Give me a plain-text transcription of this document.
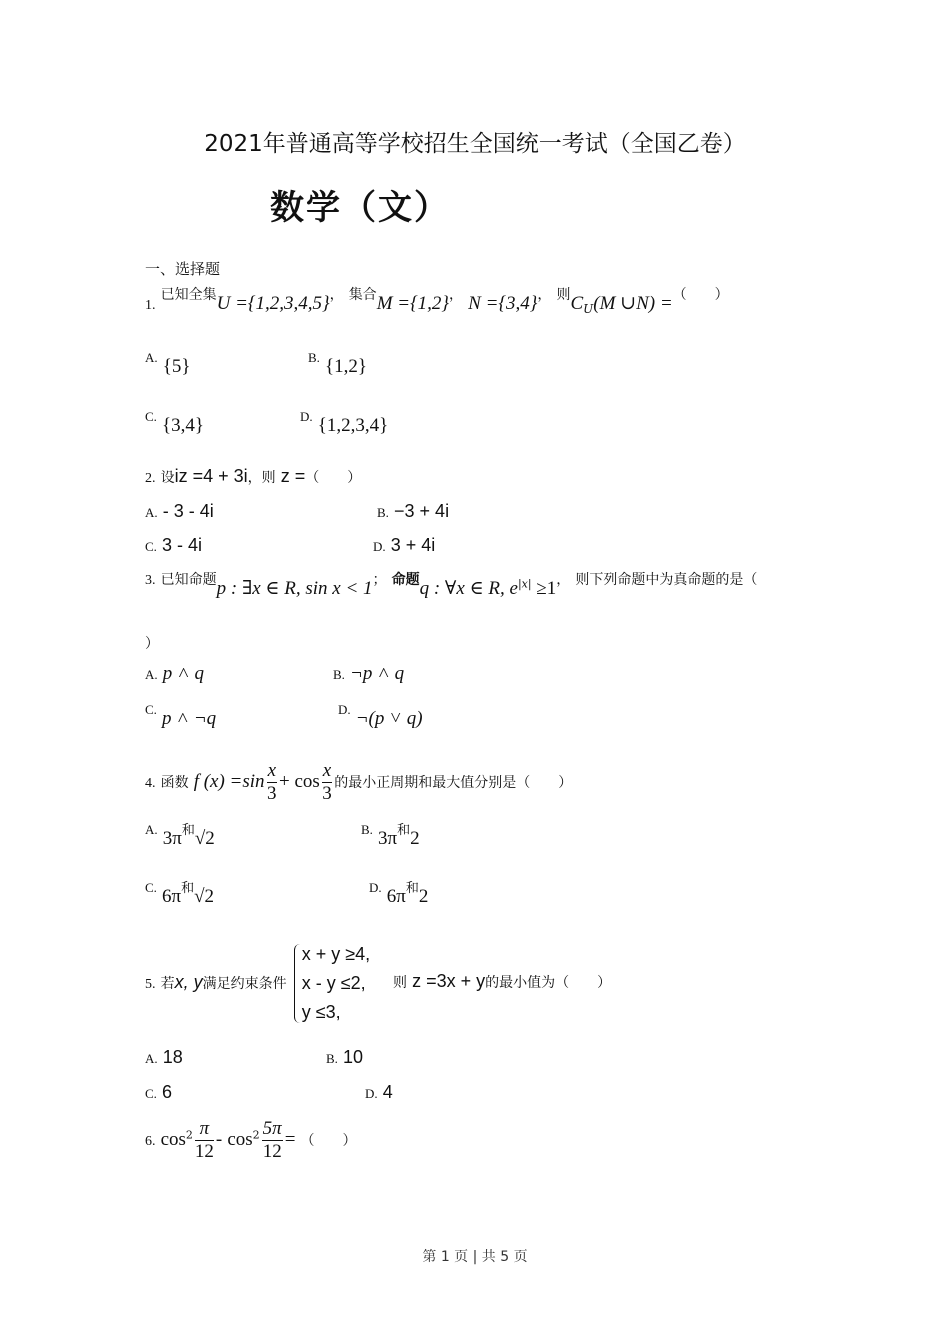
2021年普通高等学校招生全国统一考试（全国乙卷）
数学（文）
一、选择题
1. 已知全集U ={1,2,3,4,5}， 集合M ={1,2}， N ={3,4}， 则$C_U(M$ ∪N) =（　　）
$^{A.}$ {5}	$^{B.}$ {1,2}
$^{C.}$ {3,4}	$^{D.}$ {1,2,3,4}
2. 设iz =4 + 3i，则 z =（　　）
A. - 3 - 4i	B. −3 + 4i
C. 3 - 4i	D. 3 + 4i
3. 已知命题p : ∃x ∈ R, sin x < 1； 命题q : ∀x ∈ R, $e^{|x|} \ge 1$， 则下列命题中为真命题的是（
）
A. p ˄ q	B. ¬p ˄ q
$^{C.}$ p ˄ ¬q	$^{D.}$ ¬(p ˅ q)
4. 函数 f $(x) =\sin \frac{x}{3} + \cos \frac{x}{3}$ 的最小正周期和最大值分别是（　　）
$^{A.}$ $3\pi^和√2$	$^{B.}$ $3\pi^和2$
$^{C.}$ $6\pi^和√2$	$^{D.}$ $6\pi^和2$
5. 若x, y满足约束条件
x + y ≥4,
x - y ≤2,
y ≤3,
则 z =3x + y的最小值为（　　）
A. 18	B. 10
C. 6	D. 4
6. $\cos^2 \frac{\pi}{12} - \cos^2 \frac{5\pi}{12}$ = （　　）
第 1 页 | 共 5 页
